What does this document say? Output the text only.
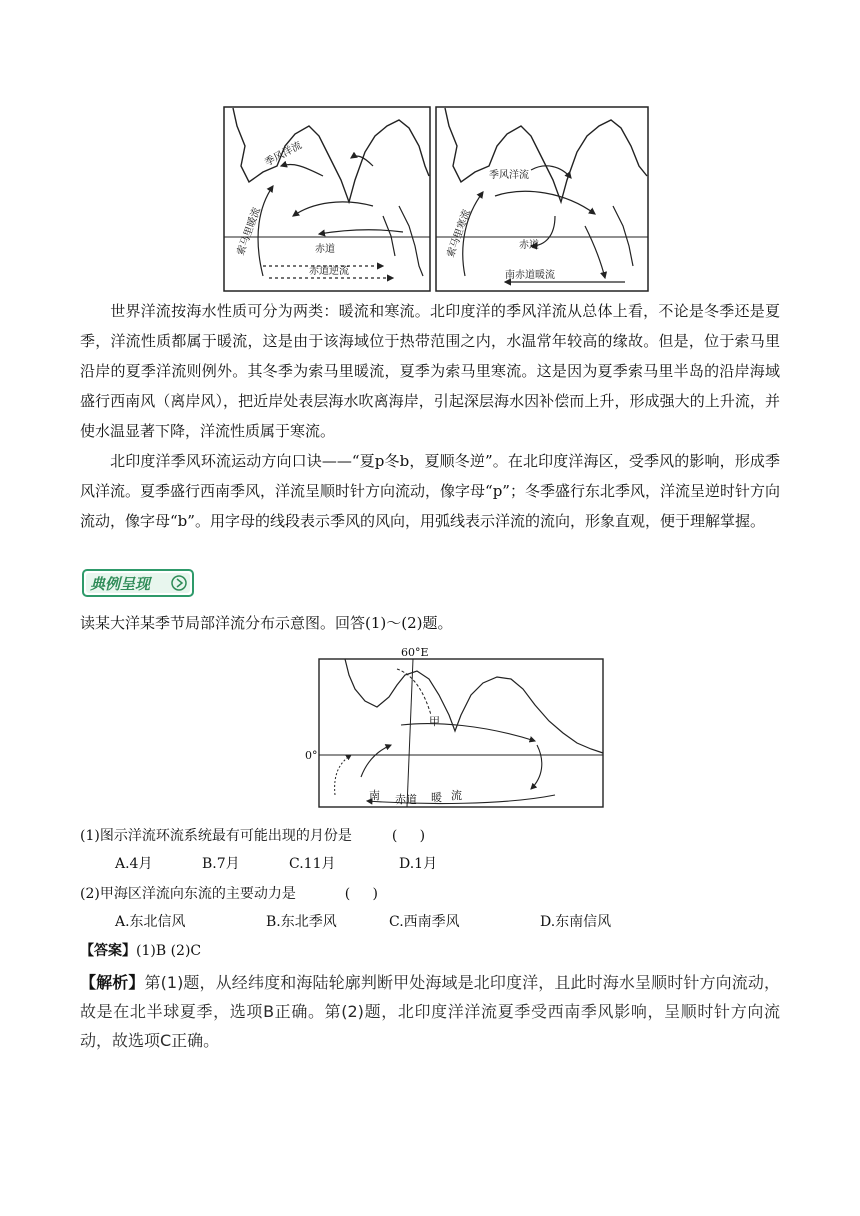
季风洋流
索马里暖流	赤道
赤道逆流
季风洋流
索马里寒流	赤道
南赤道暖流

世界洋流按海水性质可分为两类：暖流和寒流。北印度洋的季风洋流从总体上看，不论是冬季还是夏季，洋流性质都属于暖流，这是由于该海域位于热带范围之内，水温常年较高的缘故。但是，位于索马里沿岸的夏季洋流则例外。其冬季为索马里暖流，夏季为索马里寒流。这是因为夏季索马里半岛的沿岸海域盛行西南风（离岸风），把近岸处表层海水吹离海岸，引起深层海水因补偿而上升，形成强大的上升流，并使水温显著下降，洋流性质属于寒流。

北印度洋季风环流运动方向口诀——“夏p冬b，夏顺冬逆”。在北印度洋海区，受季风的影响，形成季风洋流。夏季盛行西南季风，洋流呈顺时针方向流动，像字母“p”；冬季盛行东北季风，洋流呈逆时针方向流动，像字母“b”。用字母的线段表示季风的风向，用弧线表示洋流的流向，形象直观，便于理解掌握。

典例呈现

读某大洋某季节局部洋流分布示意图。回答(1)～(2)题。

60°E
0°
甲
南 赤道 暖 流

(1)图示洋流环流系统最有可能出现的月份是         (     )

A.4月	B.7月	C.11月	D.1月

(2)甲海区洋流向东流的主要动力是           (     )

A.东北信风	B.东北季风	C.西南季风	D.东南信风
【答案】(1)B (2)C
【解析】第(1)题，从经纬度和海陆轮廓判断甲处海域是北印度洋，且此时海水呈顺时针方向流动，故是在北半球夏季，选项B正确。第(2)题，北印度洋洋流夏季受西南季风影响，呈顺时针方向流动，故选项C正确。
